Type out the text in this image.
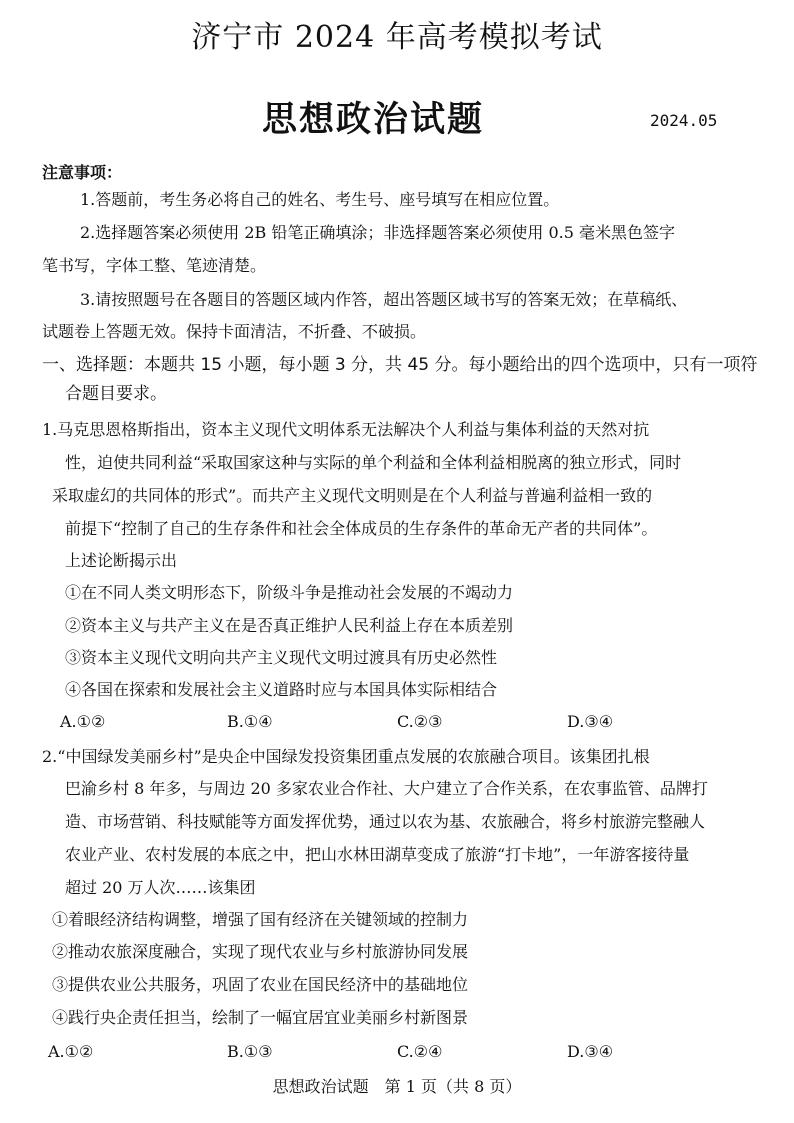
济宁市 2024 年高考模拟考试
思想政治试题	2024.05
注意事项：
1.答题前，考生务必将自己的姓名、考生号、座号填写在相应位置。
2.选择题答案必须使用 2B 铅笔正确填涂；非选择题答案必须使用 0.5 毫米黑色签字
笔书写，字体工整、笔迹清楚。
3.请按照题号在各题目的答题区域内作答，超出答题区域书写的答案无效；在草稿纸、
试题卷上答题无效。保持卡面清洁，不折叠、不破损。
一、选择题：本题共 15 小题，每小题 3 分，共 45 分。每小题给出的四个选项中，只有一项符
合题目要求。
1.马克思恩格斯指出，资本主义现代文明体系无法解决个人利益与集体利益的天然对抗
性，迫使共同利益“采取国家这种与实际的单个利益和全体利益相脱离的独立形式，同时
采取虚幻的共同体的形式”。而共产主义现代文明则是在个人利益与普遍利益相一致的
前提下“控制了自己的生存条件和社会全体成员的生存条件的革命无产者的共同体”。
上述论断揭示出
①在不同人类文明形态下，阶级斗争是推动社会发展的不竭动力
②资本主义与共产主义在是否真正维护人民利益上存在本质差别
③资本主义现代文明向共产主义现代文明过渡具有历史必然性
④各国在探索和发展社会主义道路时应与本国具体实际相结合
A.①②	B.①④	C.②③	D.③④
2.“中国绿发美丽乡村”是央企中国绿发投资集团重点发展的农旅融合项目。该集团扎根
巴渝乡村 8 年多，与周边 20 多家农业合作社、大户建立了合作关系，在农事监管、品牌打
造、市场营销、科技赋能等方面发挥优势，通过以农为基、农旅融合，将乡村旅游完整融人
农业产业、农村发展的本底之中，把山水林田湖草变成了旅游“打卡地”，一年游客接待量
超过 20 万人次……该集团
①着眼经济结构调整，增强了国有经济在关键领域的控制力
②推动农旅深度融合，实现了现代农业与乡村旅游协同发展
③提供农业公共服务，巩固了农业在国民经济中的基础地位
④践行央企责任担当，绘制了一幅宜居宜业美丽乡村新图景
A.①②	B.①③	C.②④	D.③④
思想政治试题　第 1 页（共 8 页）
